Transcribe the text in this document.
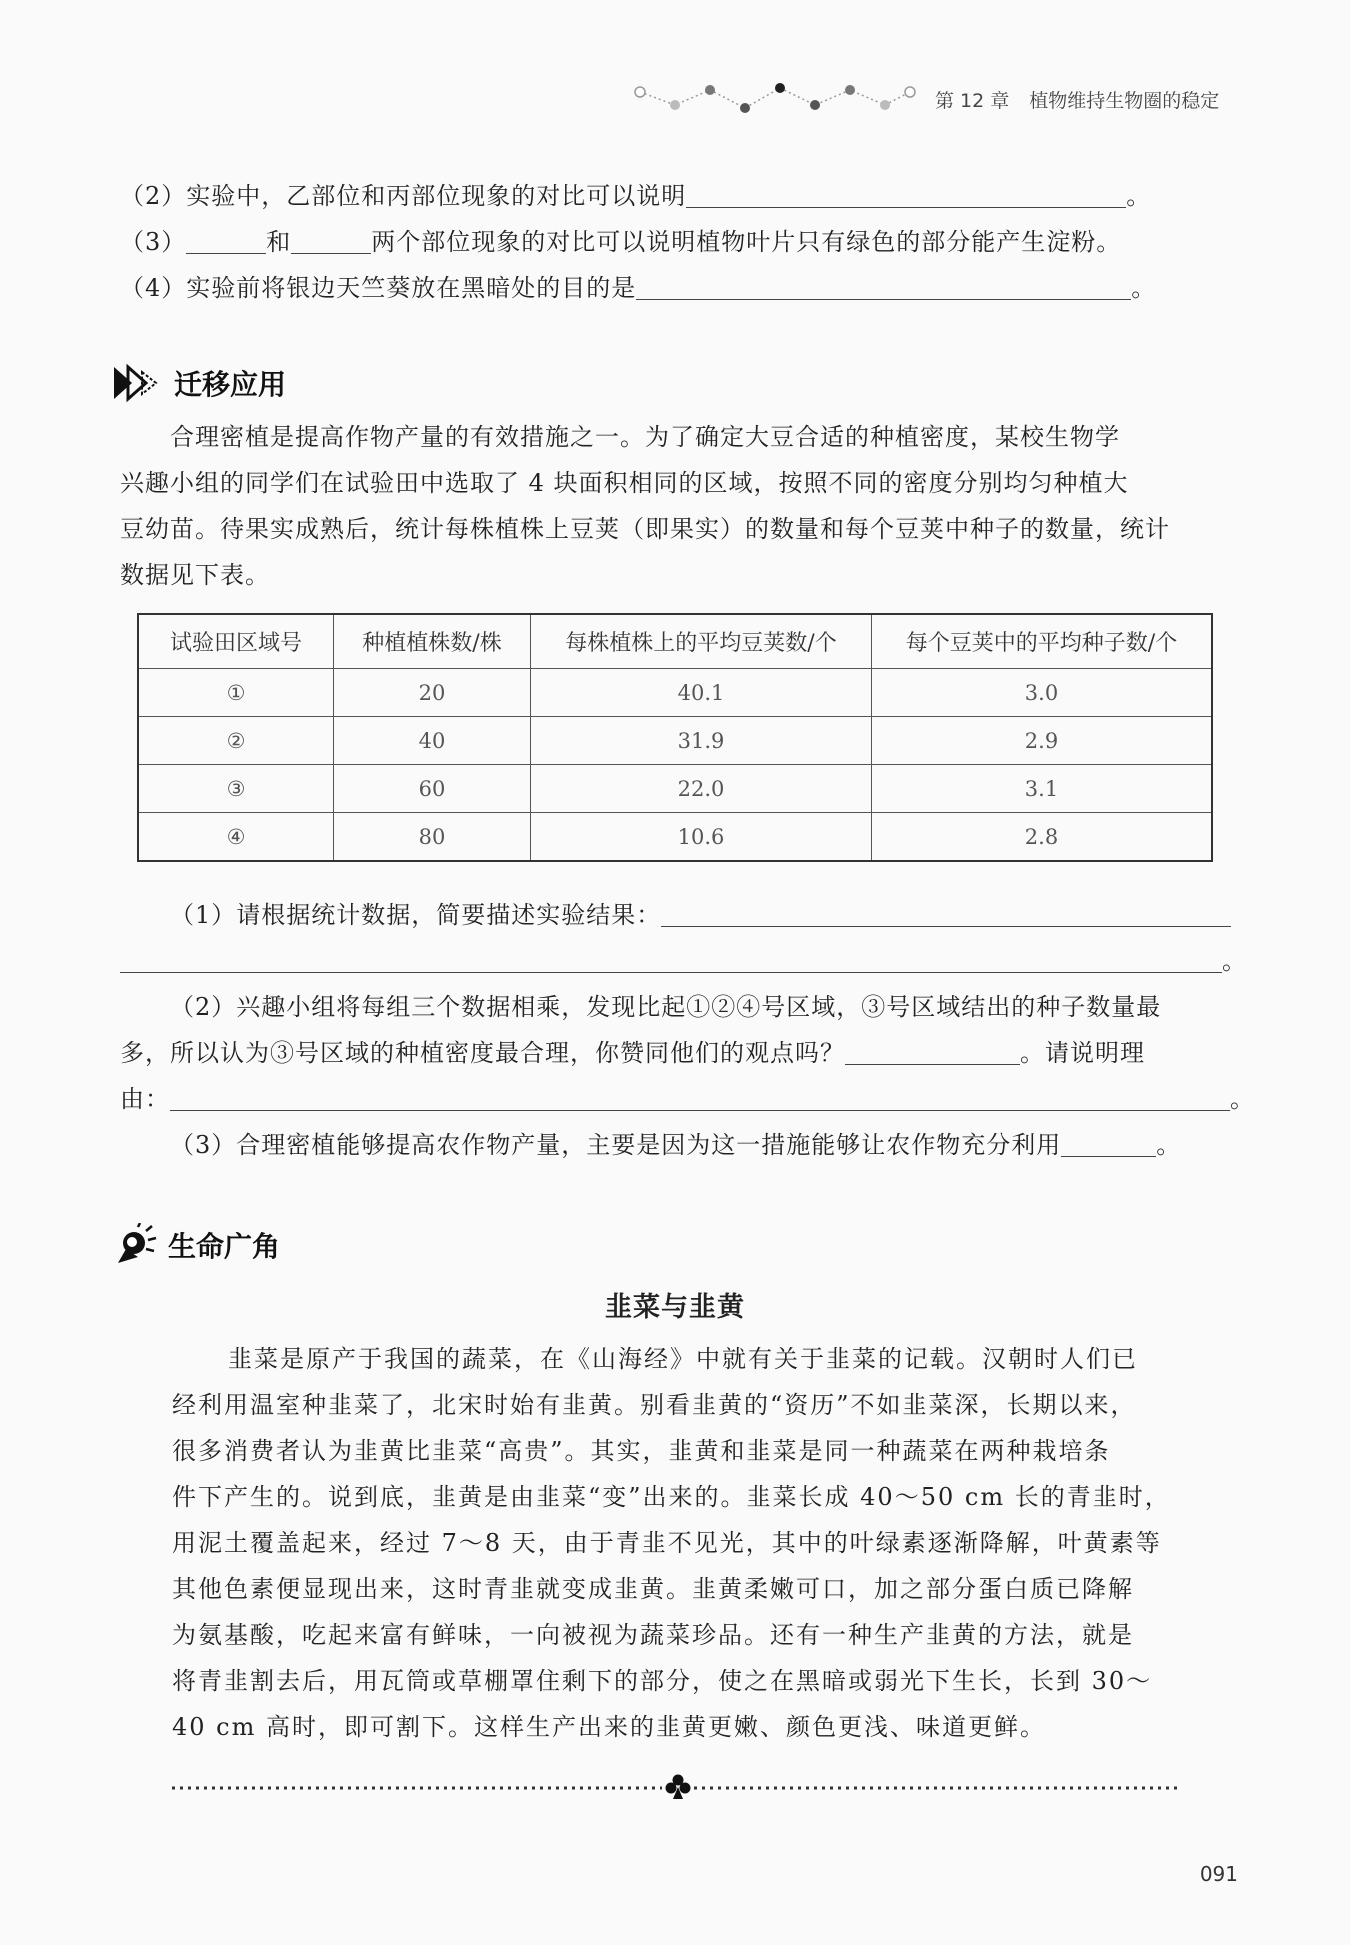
第 12 章 植物维持生物圈的稳定
（2）实验中，乙部位和丙部位现象的对比可以说明	。
（3）	和	两个部位现象的对比可以说明植物叶片只有绿色的部分能产生淀粉。
（4）实验前将银边天竺葵放在黑暗处的目的是	。
迁移应用
合理密植是提高作物产量的有效措施之一。为了确定大豆合适的种植密度，某校生物学
兴趣小组的同学们在试验田中选取了 4 块面积相同的区域，按照不同的密度分别均匀种植大
豆幼苗。待果实成熟后，统计每株植株上豆荚（即果实）的数量和每个豆荚中种子的数量，统计
数据见下表。
试验田区域号	种植植株数/株	每株植株上的平均豆荚数/个	每个豆荚中的平均种子数/个
①	20	40.1	3.0
②	40	31.9	2.9
③	60	22.0	3.1
④	80	10.6	2.8
（1）请根据统计数据，简要描述实验结果：
。
（2）兴趣小组将每组三个数据相乘，发现比起①②④号区域，③号区域结出的种子数量最
多，所以认为③号区域的种植密度最合理，你赞同他们的观点吗？	。请说明理
由：	。
（3）合理密植能够提高农作物产量，主要是因为这一措施能够让农作物充分利用	。
生命广角
韭菜与韭黄
韭菜是原产于我国的蔬菜，在《山海经》中就有关于韭菜的记载。汉朝时人们已
经利用温室种韭菜了，北宋时始有韭黄。别看韭黄的“资历”不如韭菜深，长期以来，
很多消费者认为韭黄比韭菜“高贵”。其实，韭黄和韭菜是同一种蔬菜在两种栽培条
件下产生的。说到底，韭黄是由韭菜“变”出来的。韭菜长成 40～50 cm 长的青韭时，
用泥土覆盖起来，经过 7～8 天，由于青韭不见光，其中的叶绿素逐渐降解，叶黄素等
其他色素便显现出来，这时青韭就变成韭黄。韭黄柔嫩可口，加之部分蛋白质已降解
为氨基酸，吃起来富有鲜味，一向被视为蔬菜珍品。还有一种生产韭黄的方法，就是
将青韭割去后，用瓦筒或草棚罩住剩下的部分，使之在黑暗或弱光下生长，长到 30～
40 cm 高时，即可割下。这样生产出来的韭黄更嫩、颜色更浅、味道更鲜。
091
